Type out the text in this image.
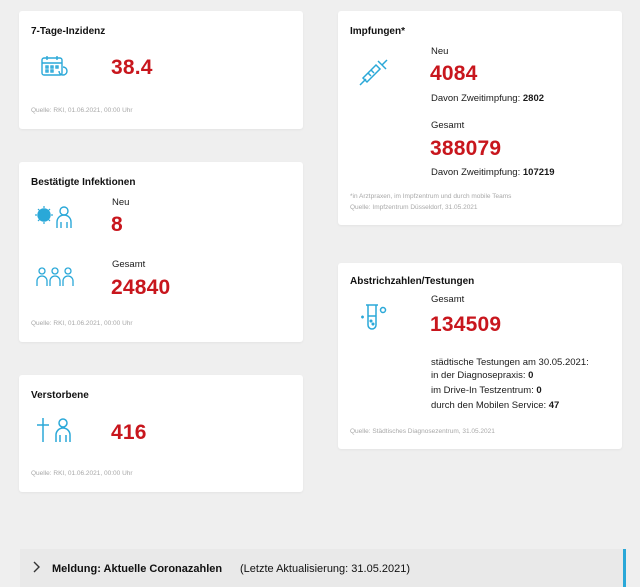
7-Tage-Inzidenz
38.4
Quelle: RKI, 01.06.2021, 00:00 Uhr
Bestätigte Infektionen
Neu
8
Gesamt
24840
Quelle: RKI, 01.06.2021, 00:00 Uhr
Verstorbene
416
Quelle: RKI, 01.06.2021, 00:00 Uhr
Impfungen*
Neu
4084
Davon Zweitimpfung: 2802
Gesamt
388079
Davon Zweitimpfung: 107219
*in Arztpraxen, im Impfzentrum und durch mobile Teams
Quelle: Impfzentrum Düsseldorf, 31.05.2021
Abstrichzahlen/Testungen
Gesamt
134509
städtische Testungen am 30.05.2021:
in der Diagnosepraxis: 0
im Drive-In Testzentrum: 0
durch den Mobilen Service: 47
Quelle: Städtisches Diagnosezentrum, 31.05.2021
Meldung: Aktuelle Coronazahlen (Letzte Aktualisierung: 31.05.2021)
